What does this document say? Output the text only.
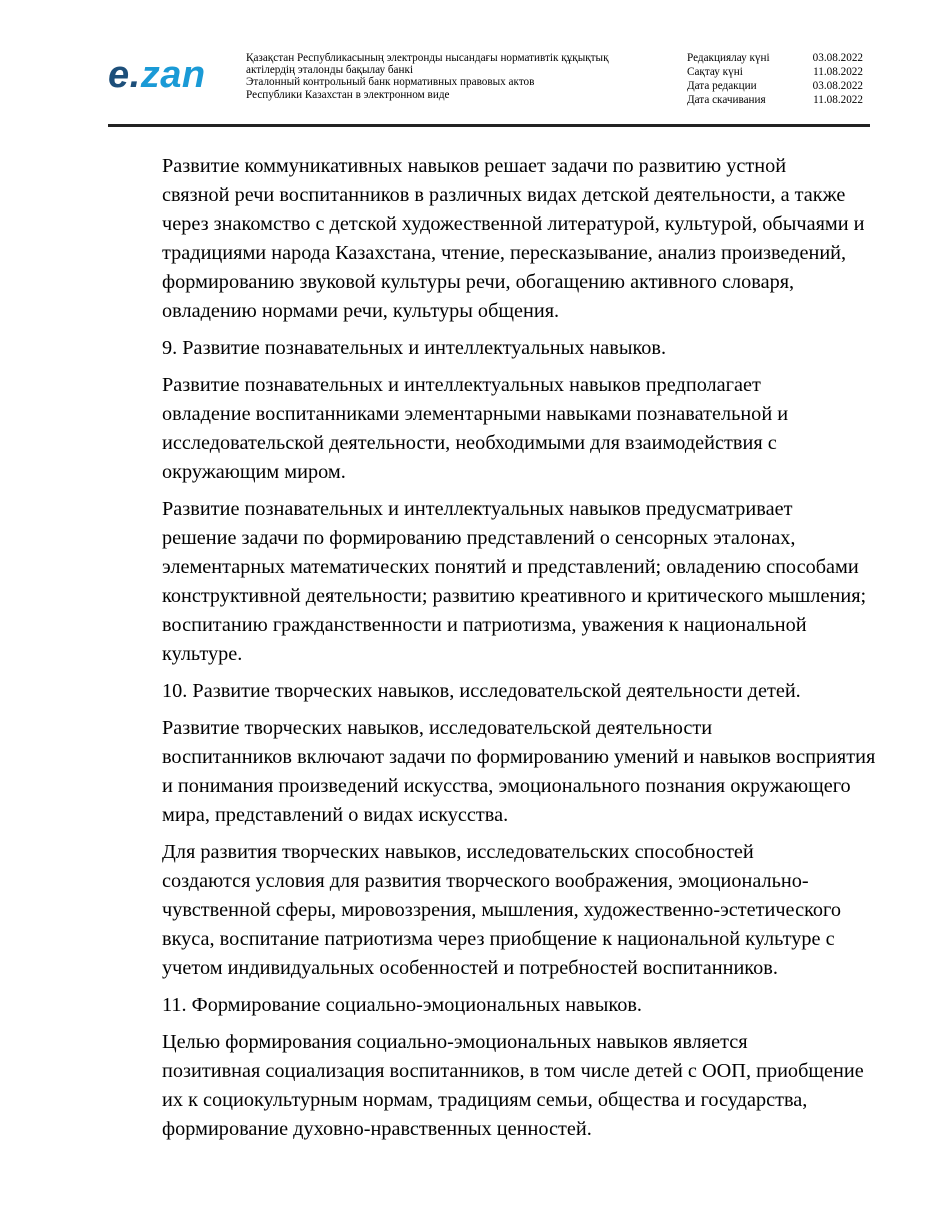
e.zan	Қазақстан Республикасының электронды нысандағы нормативтік құқықтық
актілердің эталонды бақылау банкі
Эталонный контрольный банк нормативных правовых актов
Республики Казахстан в электронном виде
Редакциялау күні	03.08.2022
Сақтау күні	11.08.2022
Дата редакции	03.08.2022
Дата скачивания	11.08.2022

Развитие коммуникативных навыков решает задачи по развитию устной
связной речи воспитанников в различных видах детской деятельности, а также
через знакомство с детской художественной литературой, культурой, обычаями и
традициями народа Казахстана, чтение, пересказывание, анализ произведений,
формированию звуковой культуры речи, обогащению активного словаря,
овладению нормами речи, культуры общения.

9. Развитие познавательных и интеллектуальных навыков.

Развитие познавательных и интеллектуальных навыков предполагает
овладение воспитанниками элементарными навыками познавательной и
исследовательской деятельности, необходимыми для взаимодействия с
окружающим миром.

Развитие познавательных и интеллектуальных навыков предусматривает
решение задачи по формированию представлений о сенсорных эталонах,
элементарных математических понятий и представлений; овладению способами
конструктивной деятельности; развитию креативного и критического мышления;
воспитанию гражданственности и патриотизма, уважения к национальной
культуре.

10. Развитие творческих навыков, исследовательской деятельности детей.

Развитие творческих навыков, исследовательской деятельности
воспитанников включают задачи по формированию умений и навыков восприятия
и понимания произведений искусства, эмоционального познания окружающего
мира, представлений о видах искусства.

Для развития творческих навыков, исследовательских способностей
создаются условия для развития творческого воображения, эмоционально-
чувственной сферы, мировоззрения, мышления, художественно-эстетического
вкуса, воспитание патриотизма через приобщение к национальной культуре с
учетом индивидуальных особенностей и потребностей воспитанников.

11. Формирование социально-эмоциональных навыков.

Целью формирования социально-эмоциональных навыков является
позитивная социализация воспитанников, в том числе детей с ООП, приобщение
их к социокультурным нормам, традициям семьи, общества и государства,
формирование духовно-нравственных ценностей.
